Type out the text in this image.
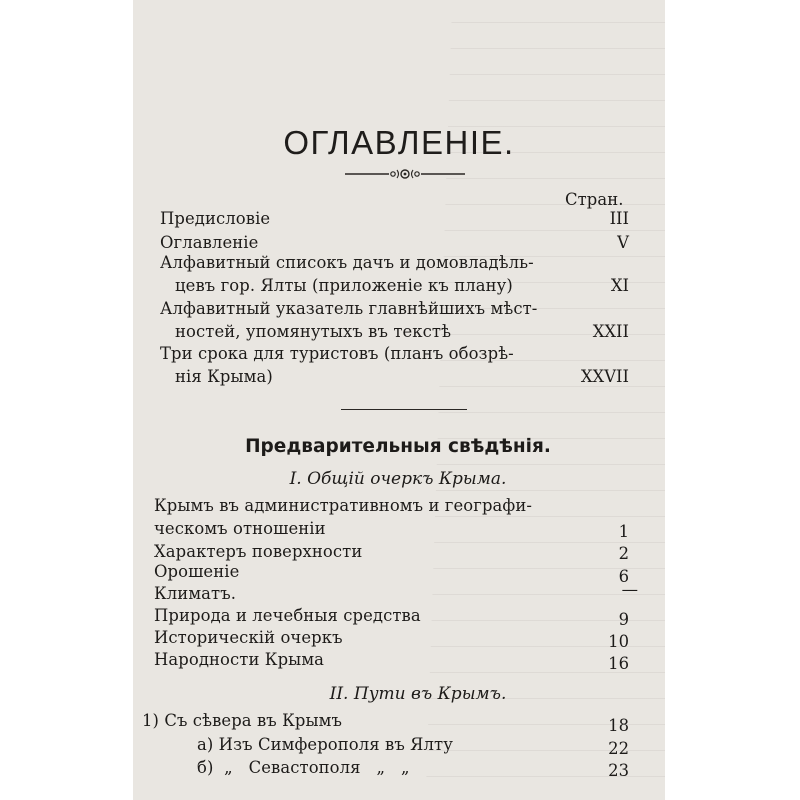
ОГЛАВЛЕНІЕ.
Стран.
Предисловіе	III
Оглавленіе	V
Алфавитный списокъ дачъ и домовладѣль-
цевъ гор. Ялты (приложеніе къ плану)	XI
Алфавитный указатель главнѣйшихъ мѣст-
ностей, упомянутыхъ въ текстѣ	XXII
Три срока для туристовъ (планъ обозрѣ-
нія Крыма)	XXVII
Предварительныя свѣдѣнія.
I. Общій очеркъ Крыма.
Крымъ въ административномъ и географи-
ческомъ отношеніи	1
Характеръ поверхности	2
Орошеніе	6
Климатъ.	—
Природа и лечебныя средства	9
Историческій очеркъ	10
Народности Крыма	16
II. Пути въ Крымъ.
1) Съ сѣвера въ Крымъ	18
а) Изъ Симферополя въ Ялту	22
б)  „   Севастополя   „   „	23
